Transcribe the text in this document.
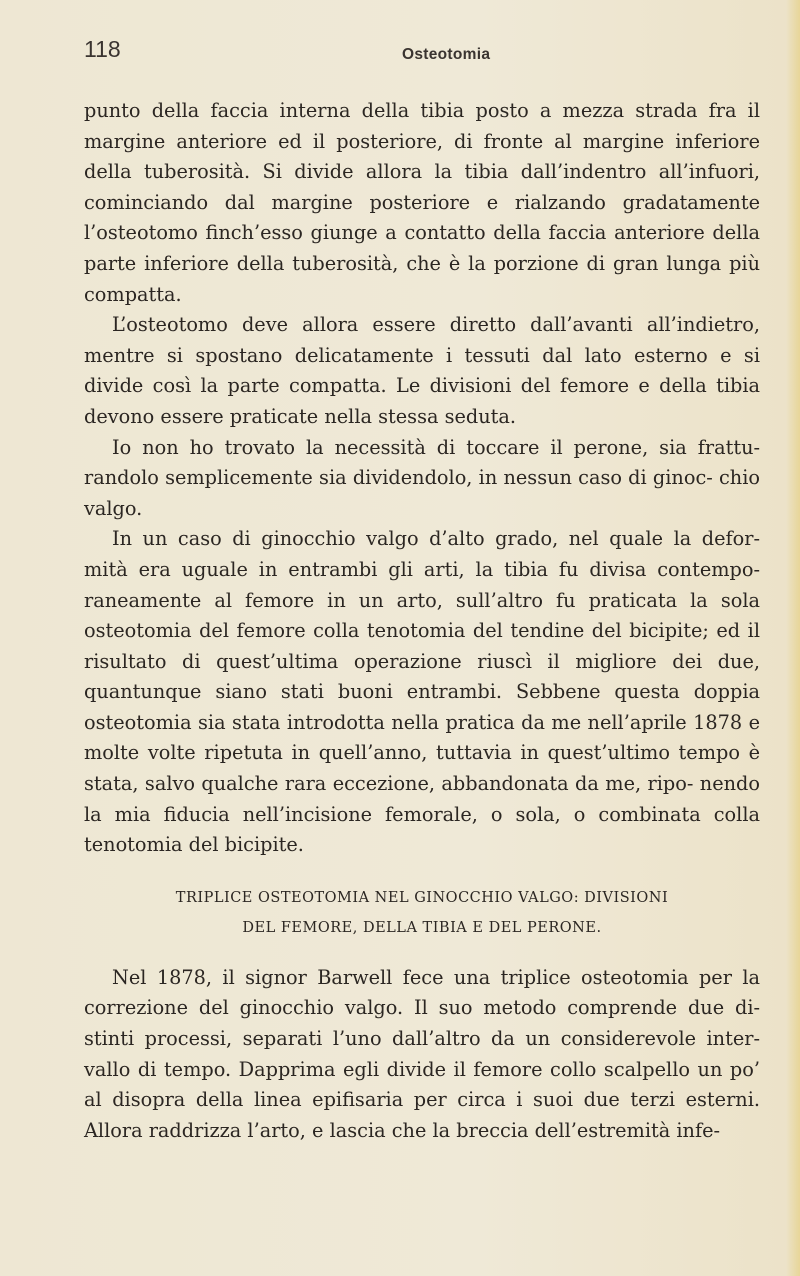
118	Osteotomia

punto della faccia interna della tibia posto a mezza strada fra il margine anteriore ed il posteriore, di fronte al margine inferiore della tuberosità. Si divide allora la tibia dall’indentro all’infuori, cominciando dal margine posteriore e rialzando gradatamente l’osteotomo finch’esso giunge a contatto della faccia anteriore della parte inferiore della tuberosità, che è la porzione di gran lunga più compatta.

L’osteotomo deve allora essere diretto dall’avanti all’indietro, mentre si spostano delicatamente i tessuti dal lato esterno e si divide così la parte compatta. Le divisioni del femore e della tibia devono essere praticate nella stessa seduta.

Io non ho trovato la necessità di toccare il perone, sia frattu- randolo semplicemente sia dividendolo, in nessun caso di ginoc- chio valgo.

In un caso di ginocchio valgo d’alto grado, nel quale la defor- mità era uguale in entrambi gli arti, la tibia fu divisa contempo- raneamente al femore in un arto, sull’altro fu praticata la sola osteotomia del femore colla tenotomia del tendine del bicipite; ed il risultato di quest’ultima operazione riuscì il migliore dei due, quantunque siano stati buoni entrambi. Sebbene questa doppia osteotomia sia stata introdotta nella pratica da me nell’aprile 1878 e molte volte ripetuta in quell’anno, tuttavia in quest’ultimo tempo è stata, salvo qualche rara eccezione, abbandonata da me, ripo- nendo la mia fiducia nell’incisione femorale, o sola, o combinata colla tenotomia del bicipite.

TRIPLICE OSTEOTOMIA NEL GINOCCHIO VALGO: DIVISIONI
DEL FEMORE, DELLA TIBIA E DEL PERONE.

Nel 1878, il signor Barwell fece una triplice osteotomia per la correzione del ginocchio valgo. Il suo metodo comprende due di- stinti processi, separati l’uno dall’altro da un considerevole inter- vallo di tempo. Dapprima egli divide il femore collo scalpello un po’ al disopra della linea epifisaria per circa i suoi due terzi esterni. Allora raddrizza l’arto, e lascia che la breccia dell’estremità infe-
